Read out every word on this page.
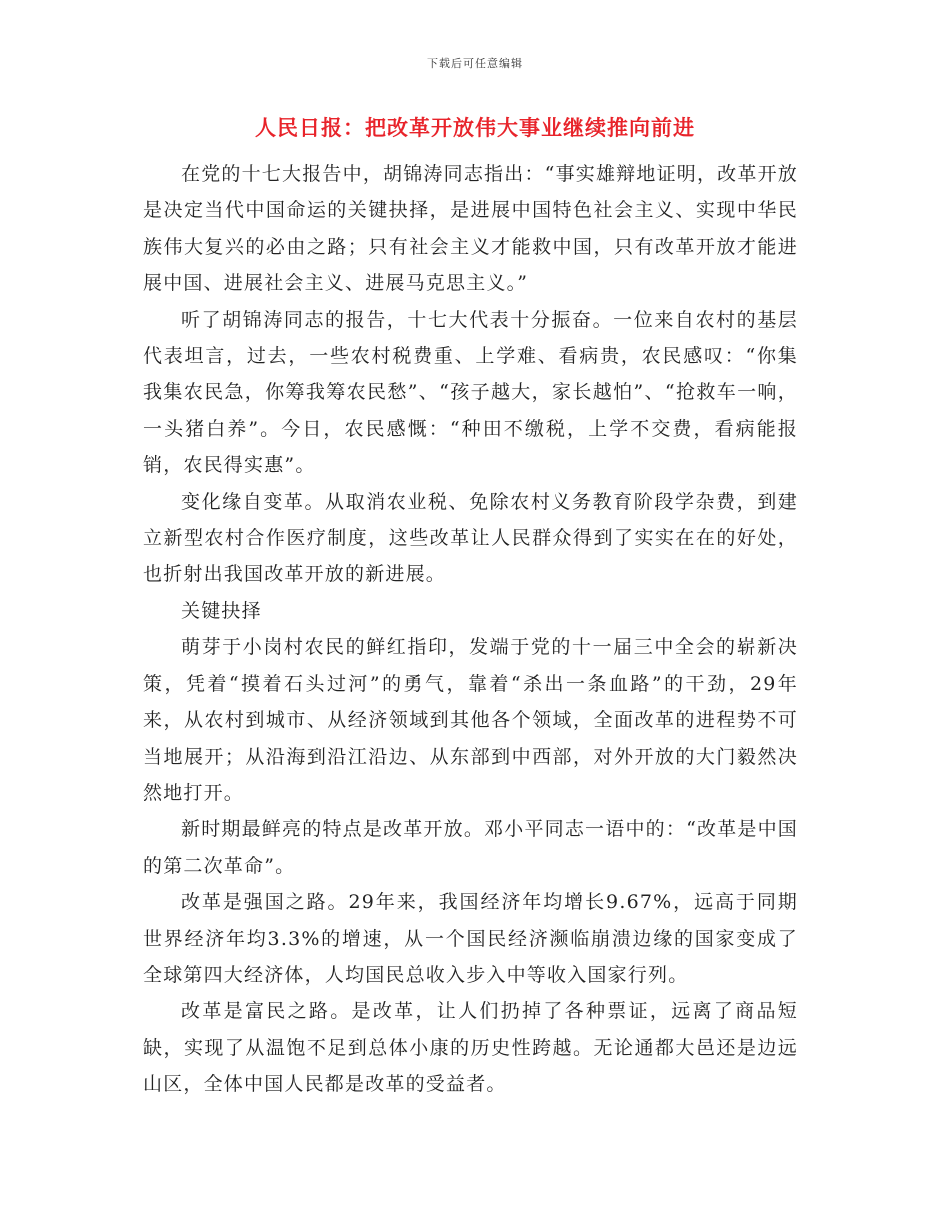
下载后可任意编辑
人民日报：把改革开放伟大事业继续推向前进

在党的十七大报告中，胡锦涛同志指出：“事实雄辩地证明，改革开放是决定当代中国命运的关键抉择，是进展中国特色社会主义、实现中华民族伟大复兴的必由之路；只有社会主义才能救中国，只有改革开放才能进展中国、进展社会主义、进展马克思主义。”

听了胡锦涛同志的报告，十七大代表十分振奋。一位来自农村的基层代表坦言，过去，一些农村税费重、上学难、看病贵，农民感叹：“你集我集农民急，你筹我筹农民愁”、“孩子越大，家长越怕”、“抢救车一响，一头猪白养”。今日，农民感慨：“种田不缴税，上学不交费，看病能报销，农民得实惠”。

变化缘自变革。从取消农业税、免除农村义务教育阶段学杂费，到建立新型农村合作医疗制度，这些改革让人民群众得到了实实在在的好处，也折射出我国改革开放的新进展。

关键抉择

萌芽于小岗村农民的鲜红指印，发端于党的十一届三中全会的崭新决策，凭着“摸着石头过河”的勇气，靠着“杀出一条血路”的干劲，29年来，从农村到城市、从经济领域到其他各个领域，全面改革的进程势不可当地展开；从沿海到沿江沿边、从东部到中西部，对外开放的大门毅然决然地打开。

新时期最鲜亮的特点是改革开放。邓小平同志一语中的：“改革是中国的第二次革命”。

改革是强国之路。29年来，我国经济年均增长9.67%，远高于同期世界经济年均3.3%的增速，从一个国民经济濒临崩溃边缘的国家变成了全球第四大经济体，人均国民总收入步入中等收入国家行列。

改革是富民之路。是改革，让人们扔掉了各种票证，远离了商品短缺，实现了从温饱不足到总体小康的历史性跨越。无论通都大邑还是边远山区，全体中国人民都是改革的受益者。
